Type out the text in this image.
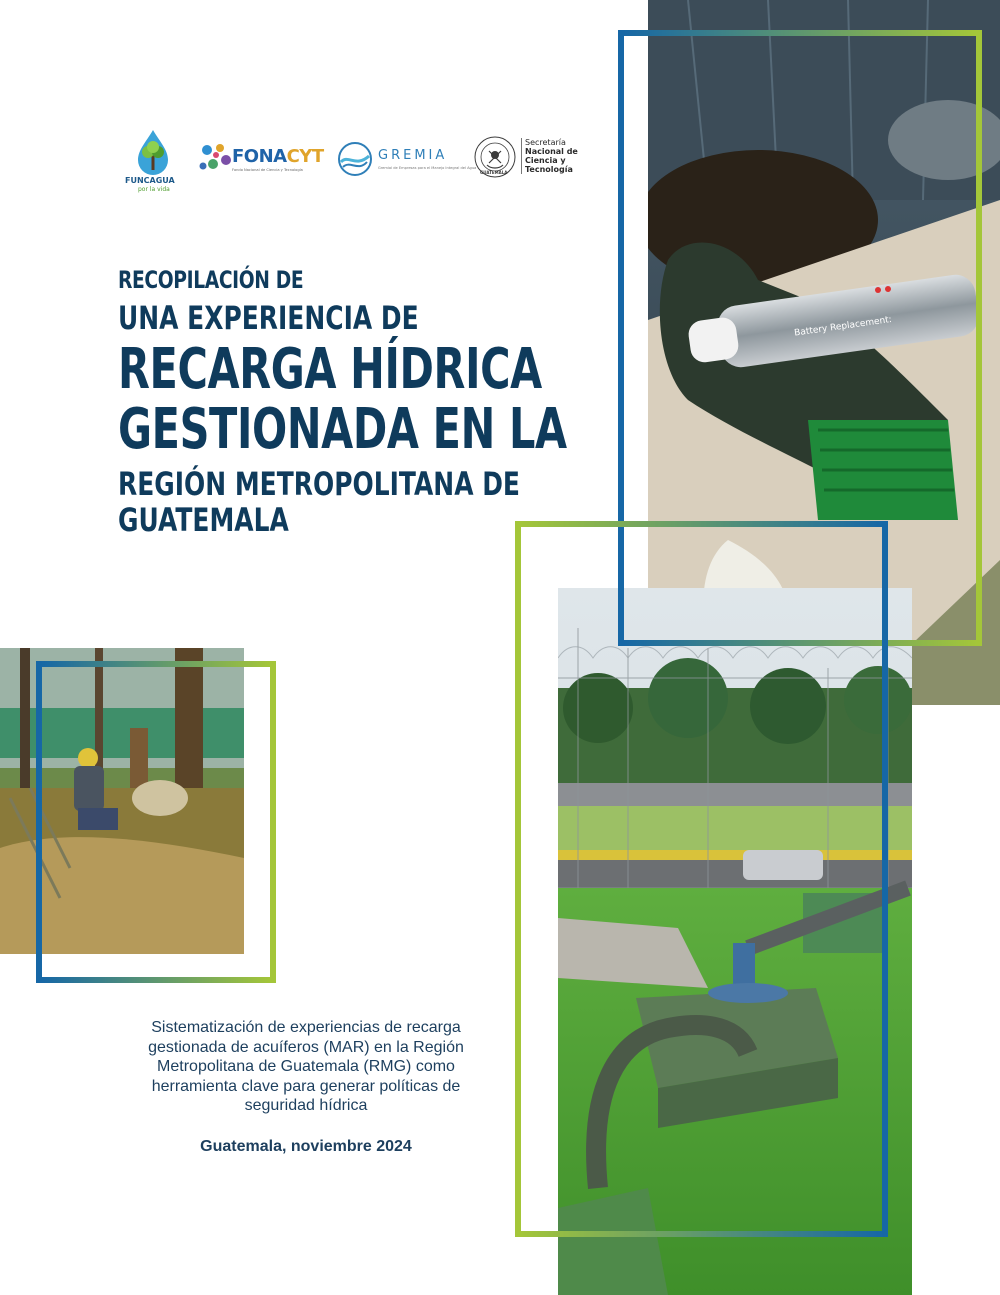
FUNCAGUA
por la vida
FONACYT
Fondo Nacional de Ciencia y Tecnología
GREMIA
Gremial de Empresas para el Manejo Integral del Agua
GUATEMALA
Secretaría
Nacional de
Ciencia y
Tecnología
RECOPILACIÓN DE
UNA EXPERIENCIA DE
RECARGA HÍDRICA
GESTIONADA EN LA
REGIÓN METROPOLITANA DE
GUATEMALA
Battery Replacement:
Sistematización de experiencias de recarga gestionada de acuíferos (MAR) en la Región Metropolitana de Guatemala (RMG) como herramienta clave para generar políticas de seguridad hídrica
Guatemala, noviembre 2024
